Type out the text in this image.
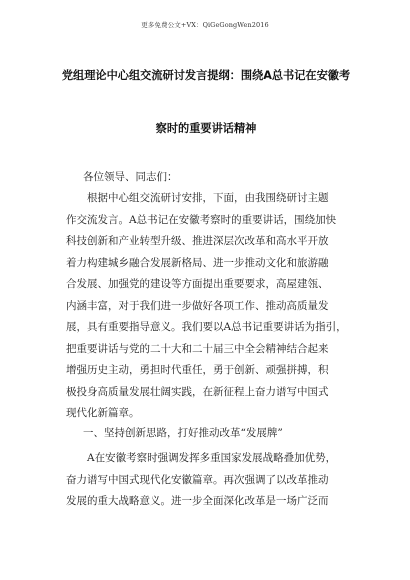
更多免费公文+VX：QiGeGongWen2016
党组理论中心组交流研讨发言提纲：围绕A总书记在安徽考
察时的重要讲话精神
各位领导、同志们：
根据中心组交流研讨安排，下面，由我围绕研讨主题
作交流发言。A总书记在安徽考察时的重要讲话，围绕加快
科技创新和产业转型升级、推进深层次改革和高水平开放
着力构建城乡融合发展新格局、进一步推动文化和旅游融
合发展、加强党的建设等方面提出重要要求，高屋建瓴、
内涵丰富，对于我们进一步做好各项工作、推动高质量发
展，具有重要指导意义。我们要以A总书记重要讲话为指引，
把重要讲话与党的二十大和二十届三中全会精神结合起来
增强历史主动，勇担时代重任，勇于创新、顽强拼搏，积
极投身高质量发展壮阔实践，在新征程上奋力谱写中国式
现代化新篇章。
一、坚持创新思路，打好推动改革“发展牌”
A在安徽考察时强调发挥多重国家发展战略叠加优势，
奋力谱写中国式现代化安徽篇章。再次强调了以改革推动
发展的重大战略意义。进一步全面深化改革是一场广泛而
